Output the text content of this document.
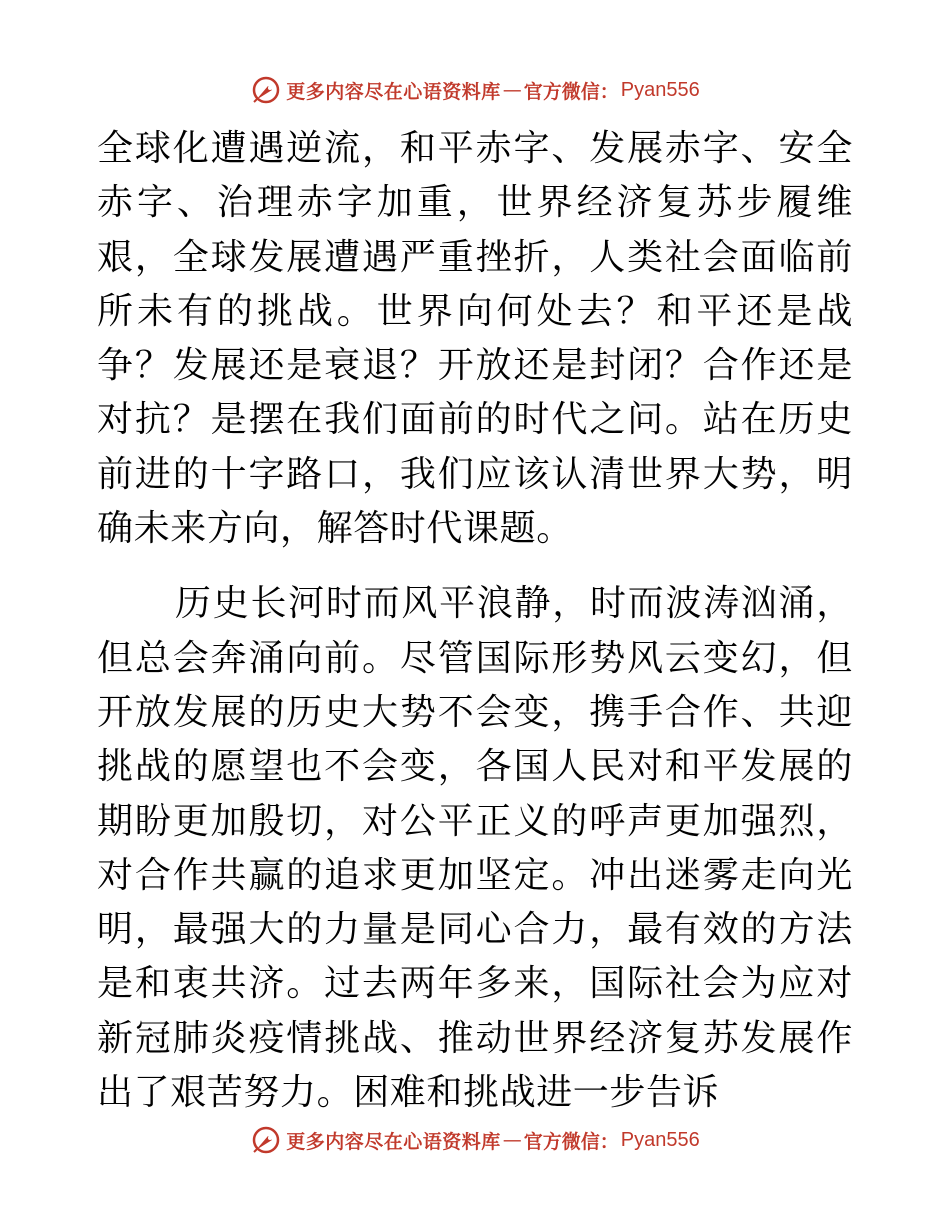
更多内容尽在心语资料库 — 官方微信： Pyan556

全球化遭遇逆流，和平赤字、发展赤字、安全赤字、治理赤字加重，世界经济复苏步履维艰，全球发展遭遇严重挫折，人类社会面临前所未有的挑战。世界向何处去？和平还是战争？发展还是衰退？开放还是封闭？合作还是对抗？是摆在我们面前的时代之问。站在历史前进的十字路口，我们应该认清世界大势，明确未来方向，解答时代课题。

历史长河时而风平浪静，时而波涛汹涌，但总会奔涌向前。尽管国际形势风云变幻，但开放发展的历史大势不会变，携手合作、共迎挑战的愿望也不会变，各国人民对和平发展的期盼更加殷切，对公平正义的呼声更加强烈，对合作共赢的追求更加坚定。冲出迷雾走向光明，最强大的力量是同心合力，最有效的方法是和衷共济。过去两年多来，国际社会为应对新冠肺炎疫情挑战、推动世界经济复苏发展作出了艰苦努力。困难和挑战进一步告诉

更多内容尽在心语资料库 — 官方微信： Pyan556
